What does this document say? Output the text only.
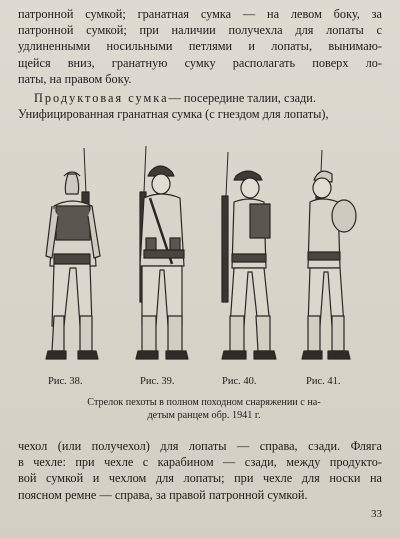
патронной сумкой; гранатная сумка — на левом боку, за
патронной сумкой; при наличии получехла для лопаты с
удлиненными носильными петлями и лопаты, вынимаю-
щейся вниз, гранатную сумку располагать поверх ло-
паты, на правом боку.
Продуктовая сумка— посередине талии, сзади.
Унифицированная гранатная сумка (с гнездом для лопаты),
Рис. 38.	Рис. 39.	Рис. 40.	Рис. 41.
Стрелок пехоты в полном походном снаряжении с на-
детым ранцем обр. 1941 г.
чехол (или получехол) для лопаты — справа, сзади. Фляга
в чехле: при чехле с карабином — сзади, между продукто-
вой сумкой и чехлом для лопаты; при чехле для носки на
поясном ремне — справа, за правой патронной сумкой.
33
